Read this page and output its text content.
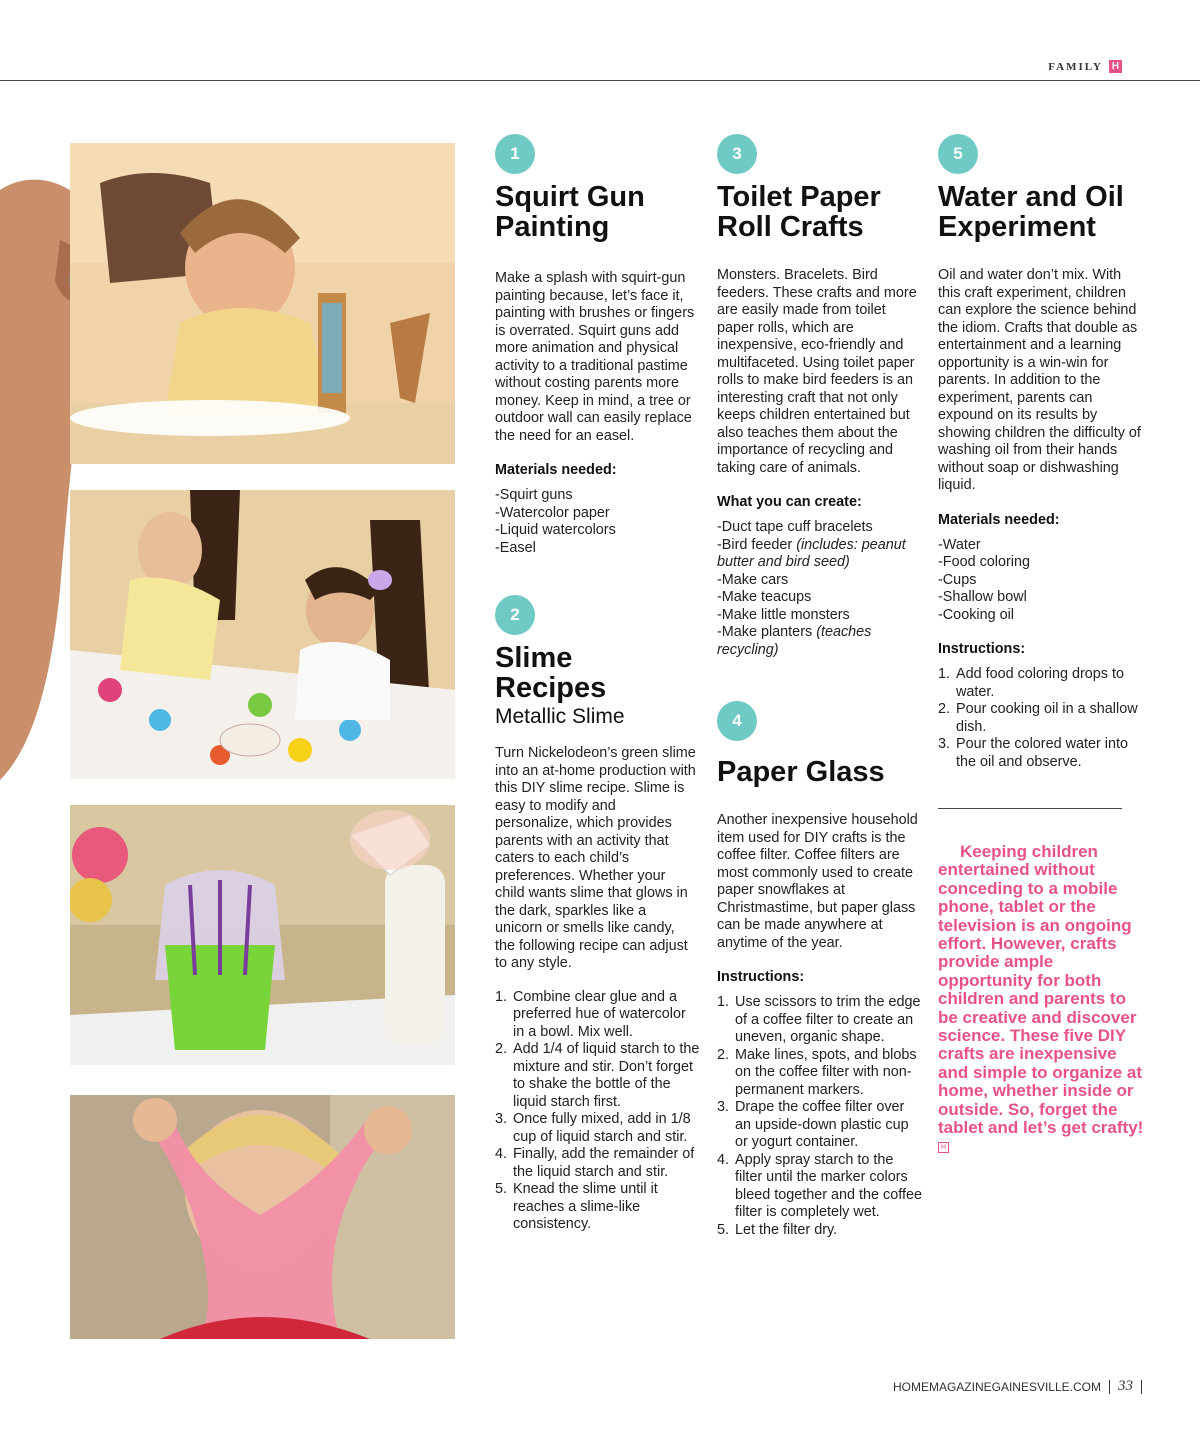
FAMILY H
1
Squirt Gun Painting

Make a splash with squirt-gun painting because, let’s face it, painting with brushes or fingers is overrated. Squirt guns add more animation and physical activity to a traditional pastime without costing parents more money. Keep in mind, a tree or outdoor wall can easily replace the need for an easel.

Materials needed:

-Squirt guns
-Watercolor paper
-Liquid watercolors
-Easel
2
Slime Recipes

Metallic Slime

Turn Nickelodeon’s green slime into an at-home production with this DIY slime recipe. Slime is easy to modify and personalize, which provides parents with an activity that caters to each child’s preferences. Whether your child wants slime that glows in the dark, sparkles like a unicorn or smells like candy, the following recipe can adjust to any style.

1. Combine clear glue and a preferred hue of watercolor in a bowl. Mix well.
2. Add 1/4 of liquid starch to the mixture and stir. Don’t forget to shake the bottle of the liquid starch first.
3. Once fully mixed, add in 1/8 cup of liquid starch and stir.
4. Finally, add the remainder of the liquid starch and stir.
5. Knead the slime until it reaches a slime-like consistency.
3
Toilet Paper Roll Crafts

Monsters. Bracelets. Bird feeders. These crafts and more are easily made from toilet paper rolls, which are inexpensive, eco-friendly and multifaceted. Using toilet paper rolls to make bird feeders is an interesting craft that not only keeps children entertained but also teaches them about the importance of recycling and taking care of animals.

What you can create:

-Duct tape cuff bracelets
-Bird feeder (includes: peanut butter and bird seed)
-Make cars
-Make teacups
-Make little monsters
-Make planters (teaches recycling)
4
Paper Glass

Another inexpensive household item used for DIY crafts is the coffee filter. Coffee filters are most commonly used to create paper snowflakes at Christmastime, but paper glass can be made anywhere at anytime of the year.

Instructions:

1. Use scissors to trim the edge of a coffee filter to create an uneven, organic shape.
2. Make lines, spots, and blobs on the coffee filter with non-permanent markers.
3. Drape the coffee filter over an upside-down plastic cup or yogurt container.
4. Apply spray starch to the filter until the marker colors bleed together and the coffee filter is completely wet.
5. Let the filter dry.
5
Water and Oil Experiment

Oil and water don’t mix. With this craft experiment, children can explore the science behind the idiom. Crafts that double as entertainment and a learning opportunity is a win-win for parents. In addition to the experiment, parents can expound on its results by showing children the difficulty of washing oil from their hands without soap or dishwashing liquid.

Materials needed:

-Water
-Food coloring
-Cups
-Shallow bowl
-Cooking oil

Instructions:

1. Add food coloring drops to water.
2. Pour cooking oil in a shallow dish.
3. Pour the colored water into the oil and observe.
Keeping children entertained without conceding to a mobile phone, tablet or the television is an ongoing effort. However, crafts provide ample opportunity for both children and parents to be creative and discover science. These five DIY crafts are inexpensive and simple to organize at home, whether inside or outside. So, forget the tablet and let’s get crafty! H
HOMEMAGAZINEGAINESVILLE.COM 33
